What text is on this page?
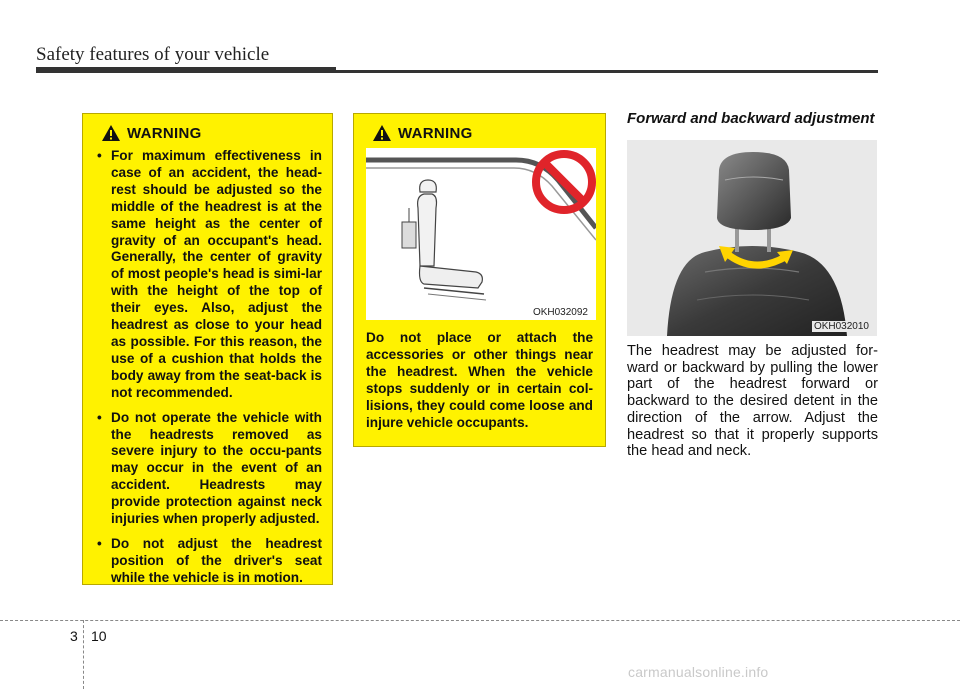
Safety features of your vehicle
WARNING
• For maximum effectiveness in case of an accident, the head-rest should be adjusted so the middle of the headrest is at the same height as the center of gravity of an occupant's head. Generally, the center of gravity of most people's head is simi-lar with the height of the top of their eyes. Also, adjust the headrest as close to your head as possible. For this reason, the use of a cushion that holds the body away from the seat-back is not recommended.
• Do not operate the vehicle with the headrests removed as severe injury to the occu-pants may occur in the event of an accident. Headrests may provide protection against neck injuries when properly adjusted.
• Do not adjust the headrest position of the driver's seat while the vehicle is in motion.
WARNING
OKH032092
Do not place or attach the accessories or other things near the headrest. When the vehicle stops suddenly or in certain col-lisions, they could come loose and injure vehicle occupants.
Forward and backward adjustment
OKH032010
The headrest may be adjusted for-ward or backward by pulling the lower part of the headrest forward or backward to the desired detent in the direction of the arrow. Adjust the headrest so that it properly supports the head and neck.
3 10
carmanualsonline.info
